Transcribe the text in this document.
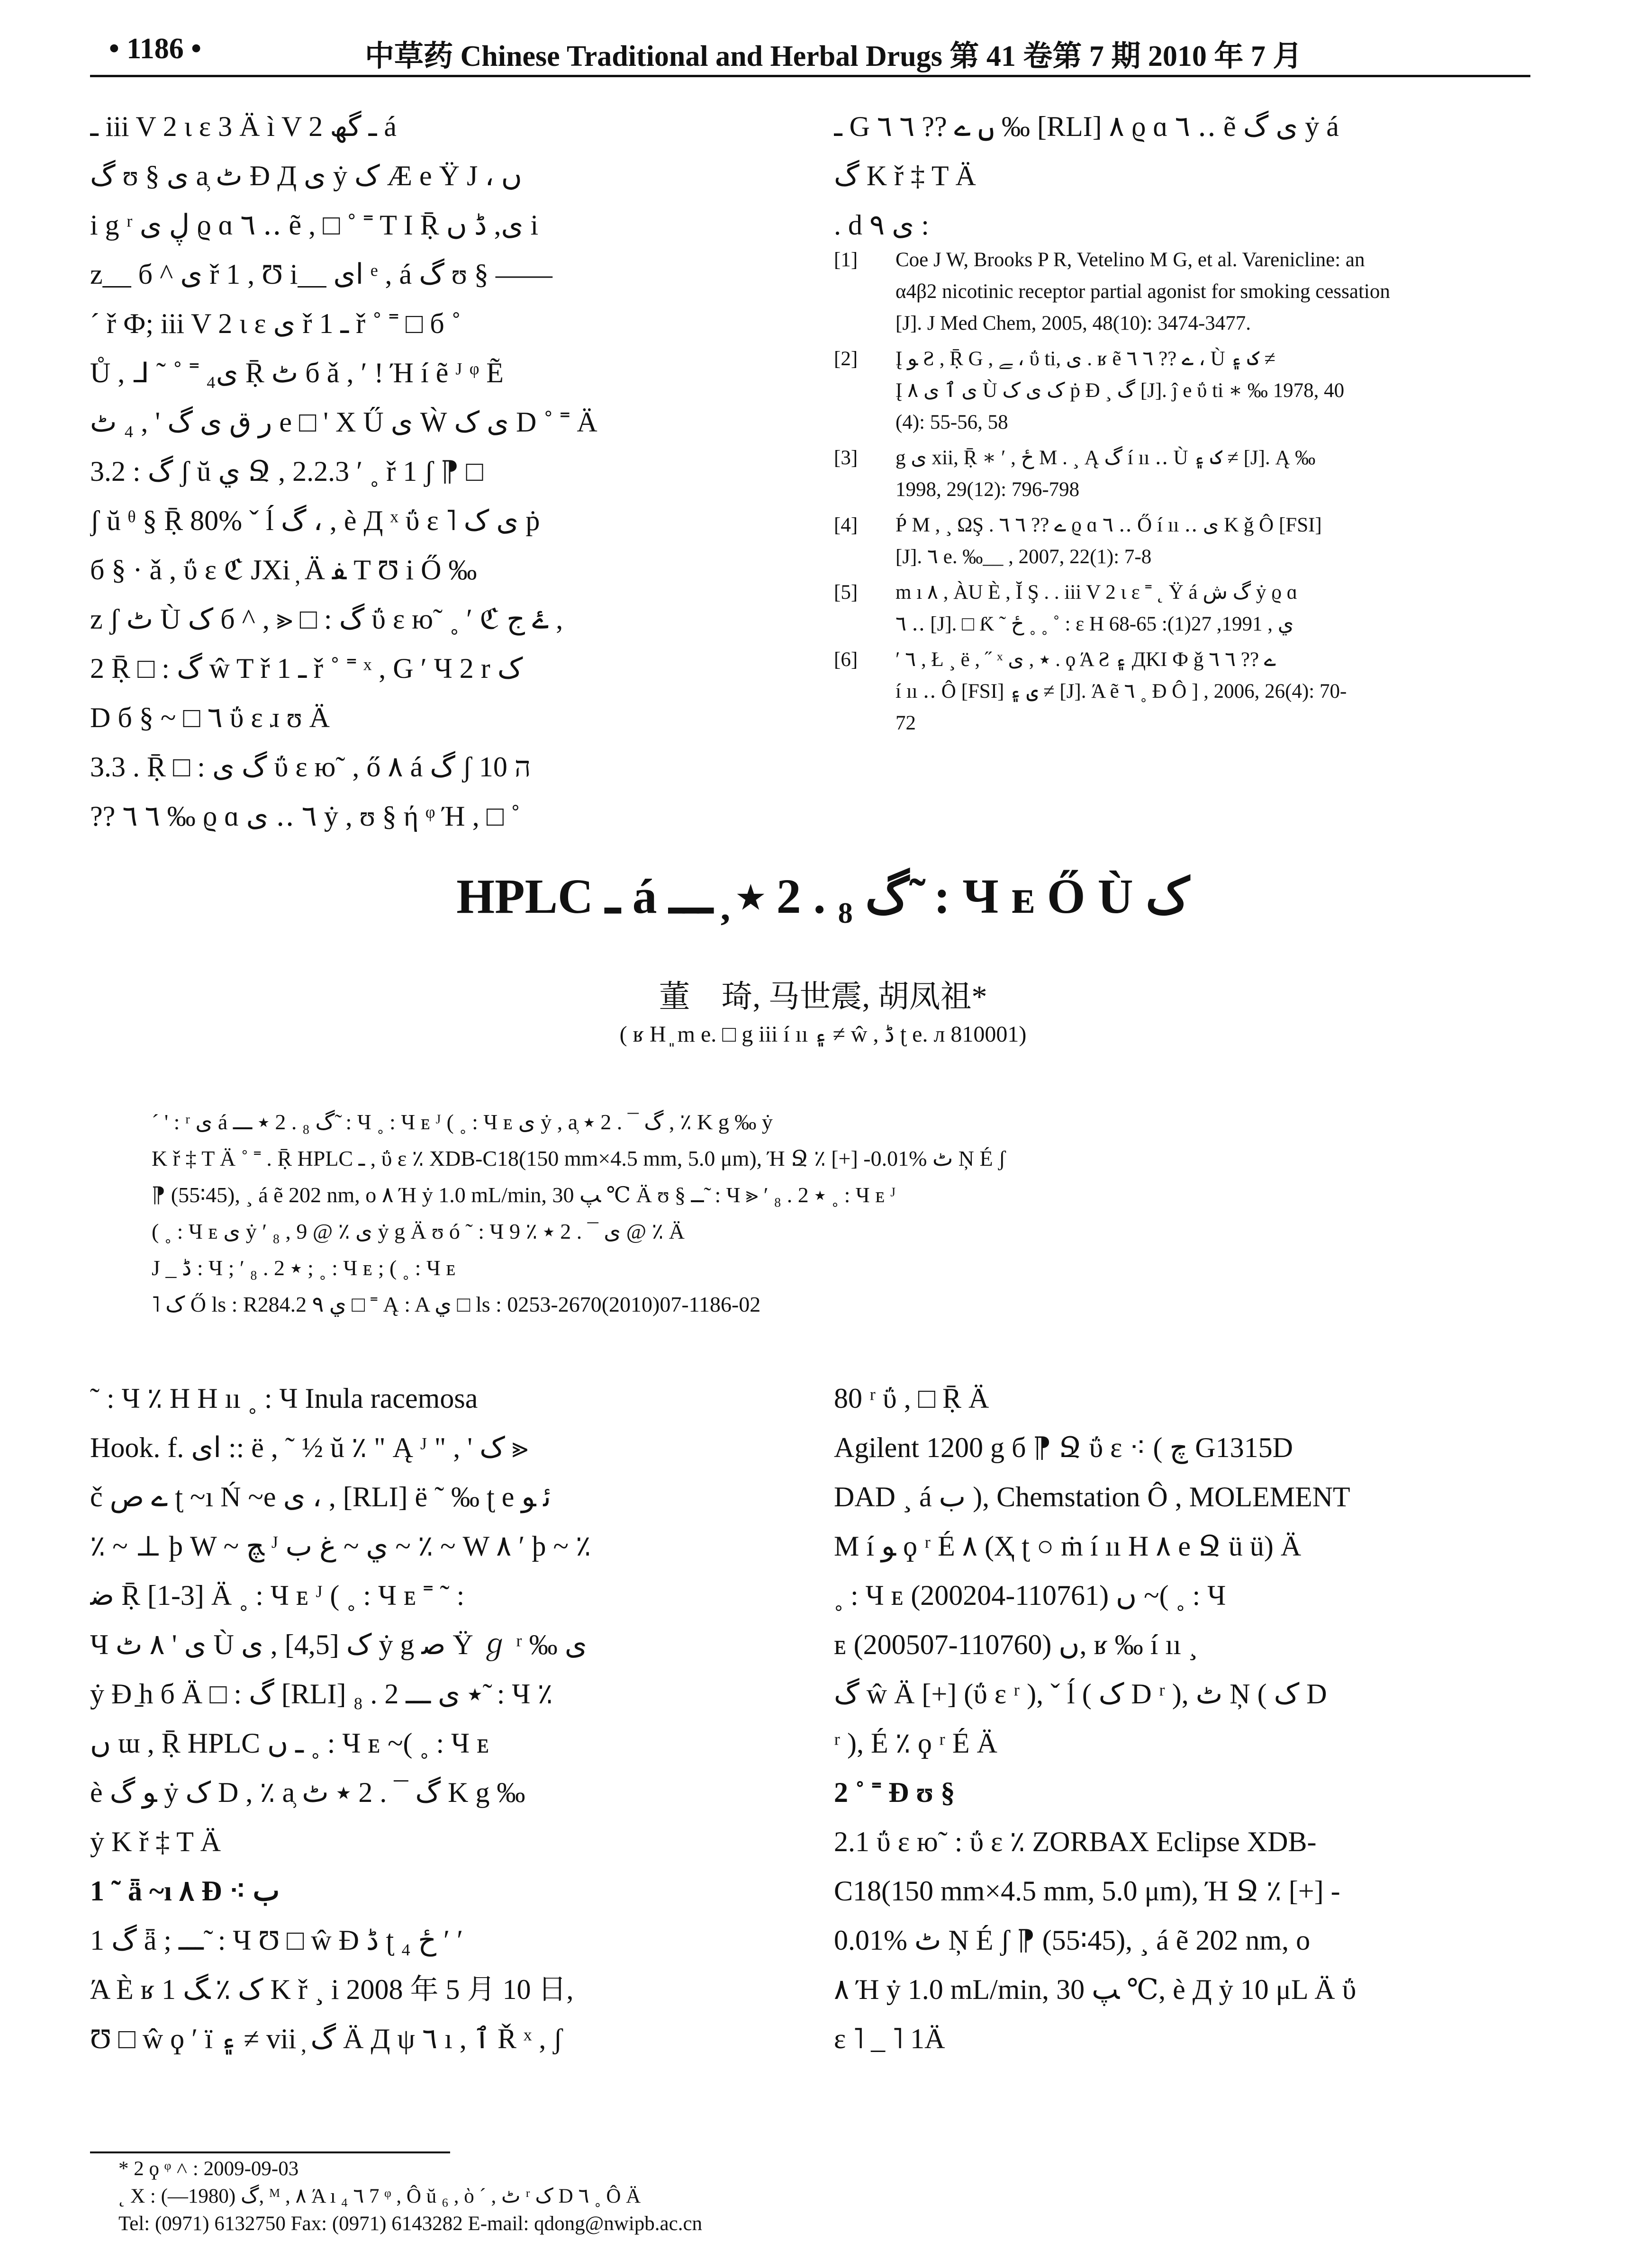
• 1186 •	中草药 Chinese Traditional and Herbal Drugs 第 41 卷第 7 期 2010 年 7 月

ـ iii V 2 ι ɛ 3 Ä ì V 2 ـ گھ á

گ ʊ § ی a̹ ٹ Ɖ Д ی ẏ ک Æ e Ÿ J ، ں

i g ʳ ڸ ی ϱ ɑ ٦ ‥ ẽ , □ ˚ ˭ T I Ṝ ی, ڈ ں i

z__ б ^ ی ř 1 , Ʊ i__ ای ᵉ , á گ ʊ § ——

ˊ ř Ф; iii V 2 ι ɛ ی ř 1 ـ ř ˚ ˭ □ б ˚

Ů , ᒧ ˜ ˚ ˭ ی₄ Ṝ ٹ б ǎ , ʹ ! Ή í ẽ ᴶ ᵠ Ẽ

ر ق ی گ ' , ₄ ٹ e □ ' X Ű ی Ẁ ی ک D ˚ ˭ Ä

3.2 : گ ʃ ŭ ي Ջ , 2.2.3 ʹ ˳ ř 1 ʃ ⁋ □

ʃ ŭ ᶿ § Ṝ 80% ˇ ĺ گ ، , è Д ˣ ΰ ɛ ˥ ی ک ṗ

б § · ǎ , ΰ ɛ ℭ JXi ̦ Ä ﻔ T Ʊ i Ő ‰

z ʃ ٹ Ù ک б ^ , ⪢ □ : گ ΰ ɛ ю˜ ˳ ʹ ℭ ۓ ج ,

2 Ṝ □ : گ ŵ T ř 1 ـ ř ˚ ˭ ˣ , G ʹ Ч 2 r ک

D б § ~ □ ٦ ΰ ɛ ɹ ʊ Ä

3.3 . Ṝ □ : گ ی ΰ ɛ ю˜ , ő ٨ á گ ʃ 10 ה

?? ٦ ٦ ‰ ϱ ɑ ٦ ‥ ی ẏ , ʊ § ή ᵠ Ή , □ ˚

ـ G ں ے ?? ٦ ٦ ‰ [RLI] ٨ ϱ ɑ ٦ ‥ ẽ ی گ ẏ á

گ K ř ‡ T Ä

. d ی ٩ :

[1] Coe J W, Brooks P R, Vetelino M G, et al. Varenicline: an
α4β2 nicotinic receptor partial agonist for smoking cessation
[J]. J Med Chem, 2005, 48(10): 3474-3477.
[2] Į ﻮ Ƨ , Ṝ G , ﮯ ، ΰ ti, ی . ʁ ẽ ے ?? ٦ ٦ ، Ù ک ۽ ≠
Į ی ٱ ی ٨ Ù ک ی ک ṗ Ɖ ¸ گ [J]. ĵ e ΰ ti ∗ ‰ 1978, 40
(4): 55-56, 58
[3] g ی xii, Ṝ ∗ ʹ , ځ M . ¸ Ą گ í ıı ‥ Ù ک ۽ ≠ [J]. Ą ‰
1998, 29(12): 796-798
[4] Ṕ M , ¸ ΩŞ . ے ?? ٦ ٦ ϱ ɑ ٦ ‥ Ő í ıı ‥ ی K ǧ Ô [FSI]
[J]. ٦ e. ‰__ , 2007, 22(1): 7-8
[5] m ı ٨ , ÀU È , Ĭ Ş . . iii V 2 ι ɛ ˭ ˛ Ÿ á گ ش ẏ ϱ ɑ
٦ ‥ [J]. □ Ƙ ˜ ځ ˳ ˳ ˚ : ɛ H ي , 1991, 27(1): 65-68
[6] ʹ ٦ , Ł ¸ ë , ˝ ˣ ٭ , ی . ϙ Ά Ƨ ۽ ДKI Ф ǧ ے ?? ٦ ٦
í ıı ‥ Ô [FSI] ی ۽ ≠ [J]. Ά ẽ ٦ ˳ Ɖ Ô ] , 2006, 26(4): 70-
72
HPLC ـ á گ ₈ . 2 ٭ ̦ ـــ ̃ : Ч ᴇ Ő Ù ک
董　琦, 马世震, 胡凤祖*
( ʁ H ͈ m e. □ g iii í ıı ۽ ≠ ŵ , ڈ ʈ e. л 810001)
ˊ ' : ʳ ی á گ ₈ . 2 ٭ ـــ ̃ : Ч ˳ : Ч ᴇ ᴶ ( ˳ : Ч ᴇ ی ẏ , a̹ گ ¯ . 2 ٭ , ٪ K g ‰ ẏ
K ř ‡ T Ä ˚ ˭ . Ṝ HPLC ـ , ΰ ɛ ٪ XDB-C18(150 mm×4.5 mm, 5.0 μm), Ή Ջ ٪ [+] -0.01% ٹ Ņ É ʃ
⁋ (55∶45), ¸ á ẽ 202 nm, ο ٨ Ή ẏ 1.0 mL/min, ﭗ 30 ℃ Ä ʊ § ــ ̃ : Ч ⪢ ʹ ₈ . 2 ٭ ˳ : Ч ᴇ ᴶ
( ˳ : Ч ᴇ ی ẏ ʹ ₈ , 9 @ ٪ ی ẏ g Ä ʊ ó ˜ : Ч ی ¯ . 2 ٭ ٪ 9 @ ٪ Ä
J _ ڈ : Ч ; ʹ ₈ . 2 ٭ ; ˳ : Ч ᴇ ; ( ˳ : Ч ᴇ
˥ ک Ő ls : R284.2 ي ٩ □ ˭ Ą : A ي □ ls : 0253-2670(2010)07-1186-02

˜ : Ч ٪ H H ıı ˳ : Ч Inula racemosa

Hook. f. ای :: ë , ˜ ½ ŭ ٪ " Ą ᴶ " , ' ک ⪢

č ے ﺹ ʈ ~ı Ń ~e ی ، , [RLI] ë ˜ ‰ ʈ e ﺋ ﻮ

٪ ~ ⊥ ϸ W ~ ﭻ ᴶ ي ~ ﻍ ب ~ ٪ ~ W ٨ ʹ ϸ ~ ٪

ﺿ Ṝ [1-3] Ä ˳ : Ч ᴇ ᴶ ( ˳ : Ч ᴇ ˭ ˜ :

Ч ی ' ٨ ٹ Ù ک [4,5] , ی ẏ g ﺻ Ÿ ℊ ʳ ‰ ی

ẏ Ɖ ̱h б Ä □ : گ [RLI] ₈ . 2 ٭ ی ـــ ̃ : Ч ٪

ں ɯ , Ṝ HPLC ـ ں ˳ : Ч ᴇ ~( ˳ : Ч ᴇ

è ﻮ گ ẏ ک D , ٪ a̹ گ ¯ . 2 ٭ ٹ K g ‰

ẏ K ř ‡ T Ä

1 ˜ ǟ ~ı ٨ Ɖ ⁖ ب

1 گ ǟ ; ـــ ̃ : Ч Ʊ □ ŵ Ɖ ڈ ʈ ځ ₄ ʹ ʹ

Ά È ʁ 1 ک ٪ ﮓ K ř ¸ i 2008 年 5 月 10 日,

Ʊ □ ŵ ϙ ʹ ï ۽ ≠ vii ̦ گ Ä Д ψ ٦ ı , ٱ Ř ˣ , ʃ

80 ʳ ΰ , □ Ṝ Ä

Agilent 1200 g б ⁋ Ջ ΰ ɛ ⁖ ( ﭺ G1315D

DAD ¸ á ب ), Chemstation Ô , MOLEMENT

M í ﻮ ϙ ʳ É ٨ (Ҳ ʈ ○ ṁ í ıı H ٨ e Ջ ü ü) Ä

˳ : Ч ᴇ ں (110761-200204) ~( ˳ : Ч

ᴇ ں (110760-200507), ʁ ‰ í ıı ¸

گ ŵ Ä [+] (ΰ ɛ ʳ ), ˇ ĺ ( ک D ʳ ), ٹ Ņ ( ک D

ʳ ), É ٪ ϙ ʳ É Ä

2 ˚ ˭ Ɖ ʊ §

2.1 ΰ ɛ ю˜ : ΰ ɛ ٪ ZORBAX Eclipse XDB-

C18(150 mm×4.5 mm, 5.0 μm), Ή Ջ ٪ [+] -

0.01% ٹ Ņ É ʃ ⁋ (55∶45), ¸ á ẽ 202 nm, ο

٨ Ή ẏ 1.0 mL/min, ﭗ 30 ℃, è Д ẏ 10 μL Ä ΰ

ɛ ˥ _ ˥ 1Ä

* 2 ϙ ᵠ ˄ : 2009-09-03
˛ X : گ (1980—), ᴹ , ٨ Ά ı ₄ ٦ 7 ᵠ , Ô ŭ ₆ , ὸ ˊ , ٹ ʳ ک D ٦ ˳ Ô Ä
Tel: (0971) 6132750 Fax: (0971) 6143282 E-mail: qdong@nwipb.ac.cn
